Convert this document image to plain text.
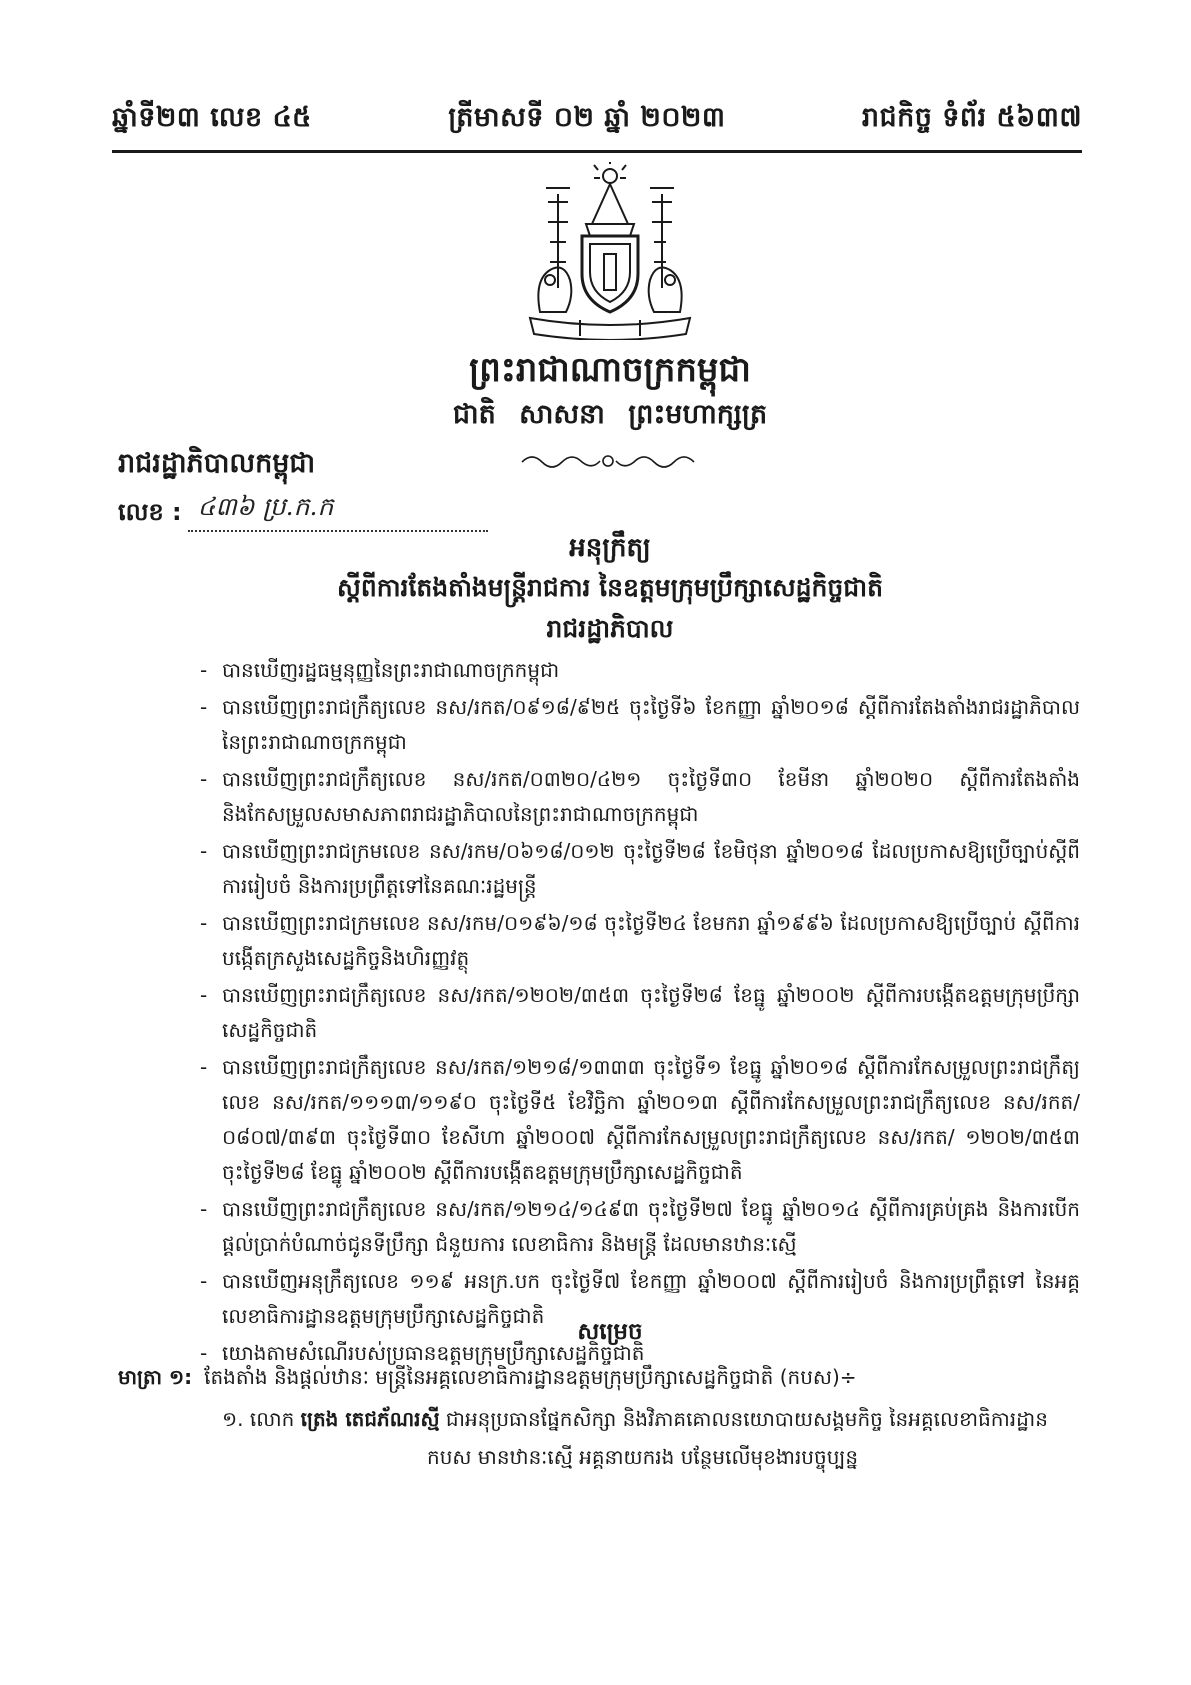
ឆ្នាំទី២៣ លេខ ៤៥	ត្រីមាសទី ០២ ឆ្នាំ ២០២៣	រាជកិច្ច ទំព័រ ៥៦៣៧
ព្រះរាជាណាចក្រកម្ពុជា
ជាតិ សាសនា ព្រះមហាក្សត្រ
រាជរដ្ឋាភិបាលកម្ពុជា
លេខ : ៤៣៦ ប្រ.ក.ក
អនុក្រឹត្យ
ស្តីពីការតែងតាំងមន្ត្រីរាជការ នៃឧត្តមក្រុមប្រឹក្សាសេដ្ឋកិច្ចជាតិ
រាជរដ្ឋាភិបាល

- បានឃើញរដ្ឋធម្មនុញ្ញនៃព្រះរាជាណាចក្រកម្ពុជា

- បានឃើញព្រះរាជក្រឹត្យលេខ នស/រកត/០៩១៨/៩២៥ ចុះថ្ងៃទី៦ ខែកញ្ញា ឆ្នាំ២០១៨ ស្តីពីការតែងតាំងរាជរដ្ឋាភិបាល នៃព្រះរាជាណាចក្រកម្ពុជា

- បានឃើញព្រះរាជក្រឹត្យលេខ នស/រកត/០៣២០/៤២១ ចុះថ្ងៃទី៣០ ខែមីនា ឆ្នាំ២០២០ ស្តីពីការតែងតាំង និងកែសម្រួលសមាសភាពរាជរដ្ឋាភិបាលនៃព្រះរាជាណាចក្រកម្ពុជា

- បានឃើញព្រះរាជក្រមលេខ នស/រកម/០៦១៨/០១២ ចុះថ្ងៃទី២៨ ខែមិថុនា ឆ្នាំ២០១៨ ដែលប្រកាសឱ្យប្រើច្បាប់ស្តីពីការរៀបចំ និងការប្រព្រឹត្តទៅនៃគណៈរដ្ឋមន្ត្រី

- បានឃើញព្រះរាជក្រមលេខ នស/រកម/០១៩៦/១៨ ចុះថ្ងៃទី២៤ ខែមករា ឆ្នាំ១៩៩៦ ដែលប្រកាសឱ្យប្រើច្បាប់ ស្តីពីការបង្កើតក្រសួងសេដ្ឋកិច្ចនិងហិរញ្ញវត្ថុ

- បានឃើញព្រះរាជក្រឹត្យលេខ នស/រកត/១២០២/៣៥៣ ចុះថ្ងៃទី២៨ ខែធ្នូ ឆ្នាំ២០០២ ស្តីពីការបង្កើតឧត្តមក្រុមប្រឹក្សាសេដ្ឋកិច្ចជាតិ

- បានឃើញព្រះរាជក្រឹត្យលេខ នស/រកត/១២១៨/១៣៣៣ ចុះថ្ងៃទី១ ខែធ្នូ ឆ្នាំ២០១៨ ស្តីពីការកែសម្រួលព្រះរាជក្រឹត្យ លេខ នស/រកត/១១១៣/១១៩០ ចុះថ្ងៃទី៥ ខែវិច្ឆិកា ឆ្នាំ២០១៣ ស្តីពីការកែសម្រួលព្រះរាជក្រឹត្យលេខ នស/រកត/០៨០៧/៣៩៣ ចុះថ្ងៃទី៣០ ខែសីហា ឆ្នាំ២០០៧ ស្តីពីការកែសម្រួលព្រះរាជក្រឹត្យលេខ នស/រកត/ ១២០២/៣៥៣ ចុះថ្ងៃទី២៨ ខែធ្នូ ឆ្នាំ២០០២ ស្តីពីការបង្កើតឧត្តមក្រុមប្រឹក្សាសេដ្ឋកិច្ចជាតិ

- បានឃើញព្រះរាជក្រឹត្យលេខ នស/រកត/១២១៤/១៤៩៣ ចុះថ្ងៃទី២៧ ខែធ្នូ ឆ្នាំ២០១៤ ស្តីពីការគ្រប់គ្រង និងការបើកផ្តល់ប្រាក់បំណាច់ជូនទីប្រឹក្សា ជំនួយការ លេខាធិការ និងមន្ត្រី ដែលមានឋានៈស្មើ

- បានឃើញអនុក្រឹត្យលេខ ១១៩ អនក្រ.បក ចុះថ្ងៃទី៧ ខែកញ្ញា ឆ្នាំ២០០៧ ស្តីពីការរៀបចំ និងការប្រព្រឹត្តទៅ នៃអគ្គលេខាធិការដ្ឋានឧត្តមក្រុមប្រឹក្សាសេដ្ឋកិច្ចជាតិ

- យោងតាមសំណើរបស់ប្រធានឧត្តមក្រុមប្រឹក្សាសេដ្ឋកិច្ចជាតិ

សម្រេច
មាត្រា ១: តែងតាំង និងផ្តល់ឋានៈ មន្ត្រីនៃអគ្គលេខាធិការដ្ឋានឧត្តមក្រុមប្រឹក្សាសេដ្ឋកិច្ចជាតិ (កបស)÷

១. លោក ត្រេង តេជភ័ណរស្មី ជាអនុប្រធានផ្នែកសិក្សា និងវិភាគគោលនយោបាយសង្គមកិច្ច នៃអគ្គលេខាធិការដ្ឋាន

កបស មានឋានៈស្មើ អគ្គនាយករង បន្ថែមលើមុខងារបច្ចុប្បន្ន
